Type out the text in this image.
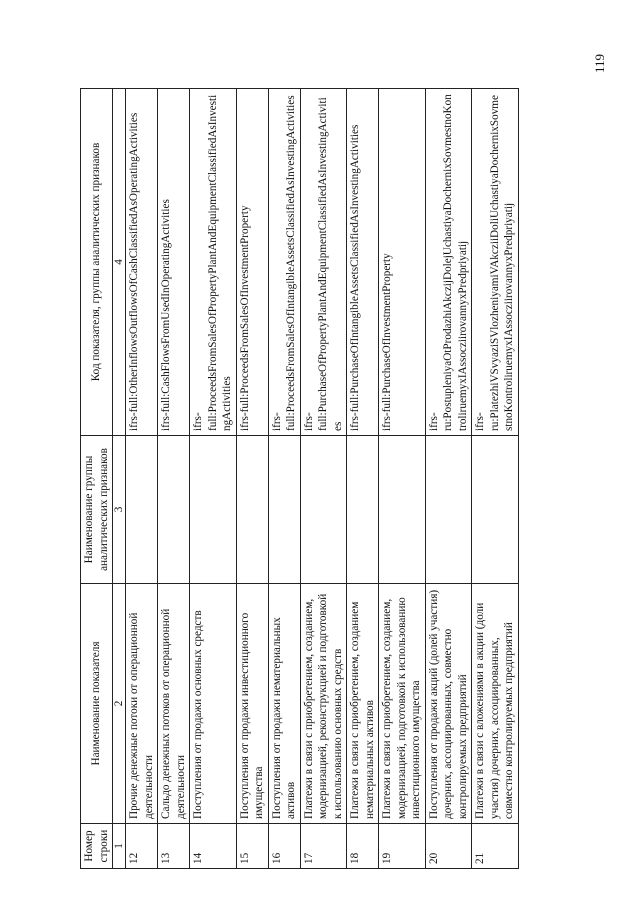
119
Номер строки	Наименование показателя	Наименование группы аналитических признаков	Код показателя, группы аналитических признаков
1	2	3	4
12	Прочие денежные потоки от операционной деятельности		ifrs-full:OtherInflowsOutflowsOfCashClassifiedAsOperatingActivities
13	Сальдо денежных потоков от операционной деятельности		ifrs-full:CashFlowsFromUsedInOperatingActivities
14	Поступления от продажи основных средств		ifrs-full:ProceedsFromSalesOfPropertyPlantAndEquipmentClassifiedAsInvestingActivities
15	Поступления от продажи инвестиционного имущества		ifrs-full:ProceedsFromSalesOfInvestmentProperty
16	Поступления от продажи нематериальных активов		ifrs-full:ProceedsFromSalesOfIntangibleAssetsClassifiedAsInvestingActivities
17	Платежи в связи с приобретением, созданием, модернизацией, реконструкцией и подготовкой к использованию основных средств		ifrs-full:PurchaseOfPropertyPlantAndEquipmentClassifiedAsInvestingActivities
18	Платежи в связи с приобретением, созданием нематериальных активов		ifrs-full:PurchaseOfIntangibleAssetsClassifiedAsInvestingActivities
19	Платежи в связи с приобретением, созданием, модернизацией, подготовкой к использованию инвестиционного имущества		ifrs-full:PurchaseOfInvestmentProperty
20	Поступления от продажи акций (долей участия) дочерних, ассоциированных, совместно контролируемых предприятий		ifrs-ru:PostupleniyaOtProdazhiAkczijDolejUchastiyaDocherniхSovmestnoKontroliruemyxIAssocziirovannyxPredpriyatij
21	Платежи в связи с вложениями в акции (доли участия) дочерних, ассоциированных, совместно контролируемых предприятий		ifrs-ru:PlatezhiVSvyaziSVlozheniyamiVAkcziiDoliUchastiyaDocherniхSovmestnoKontroliruemyxIAssocziirovannyxPredpriyatij
